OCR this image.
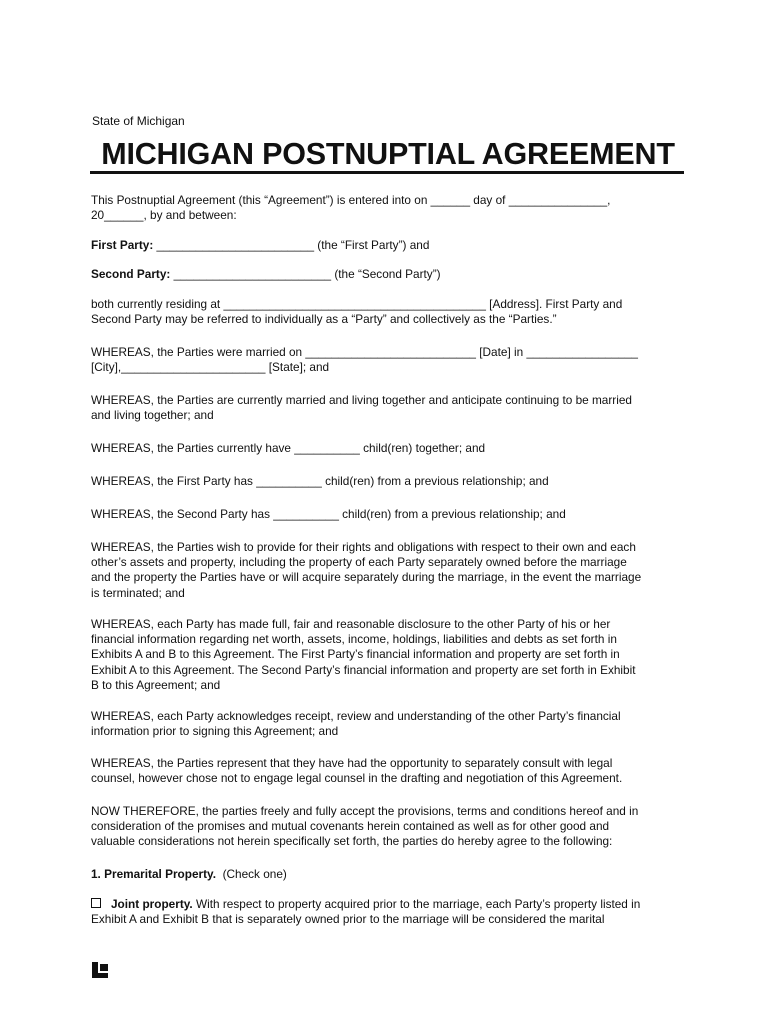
State of Michigan
MICHIGAN POSTNUPTIAL AGREEMENT
This Postnuptial Agreement (this “Agreement”) is entered into on ______ day of _______________,
20______, by and between:
First Party: ________________________ (the “First Party”) and
Second Party: ________________________ (the “Second Party”)
both currently residing at ________________________________________ [Address]. First Party and
Second Party may be referred to individually as a “Party” and collectively as the “Parties.”
WHEREAS, the Parties were married on __________________________ [Date] in _________________
[City],______________________ [State]; and
WHEREAS, the Parties are currently married and living together and anticipate continuing to be married
and living together; and
WHEREAS, the Parties currently have __________ child(ren) together; and
WHEREAS, the First Party has __________ child(ren) from a previous relationship; and
WHEREAS, the Second Party has __________ child(ren) from a previous relationship; and
WHEREAS, the Parties wish to provide for their rights and obligations with respect to their own and each
other’s assets and property, including the property of each Party separately owned before the marriage
and the property the Parties have or will acquire separately during the marriage, in the event the marriage
is terminated; and
WHEREAS, each Party has made full, fair and reasonable disclosure to the other Party of his or her
financial information regarding net worth, assets, income, holdings, liabilities and debts as set forth in
Exhibits A and B to this Agreement. The First Party’s financial information and property are set forth in
Exhibit A to this Agreement. The Second Party’s financial information and property are set forth in Exhibit
B to this Agreement; and
WHEREAS, each Party acknowledges receipt, review and understanding of the other Party’s financial
information prior to signing this Agreement; and
WHEREAS, the Parties represent that they have had the opportunity to separately consult with legal
counsel, however chose not to engage legal counsel in the drafting and negotiation of this Agreement.
NOW THEREFORE, the parties freely and fully accept the provisions, terms and conditions hereof and in
consideration of the promises and mutual covenants herein contained as well as for other good and
valuable considerations not herein specifically set forth, the parties do hereby agree to the following:
1. Premarital Property. (Check one)
Joint property. With respect to property acquired prior to the marriage, each Party’s property listed in
Exhibit A and Exhibit B that is separately owned prior to the marriage will be considered the marital
